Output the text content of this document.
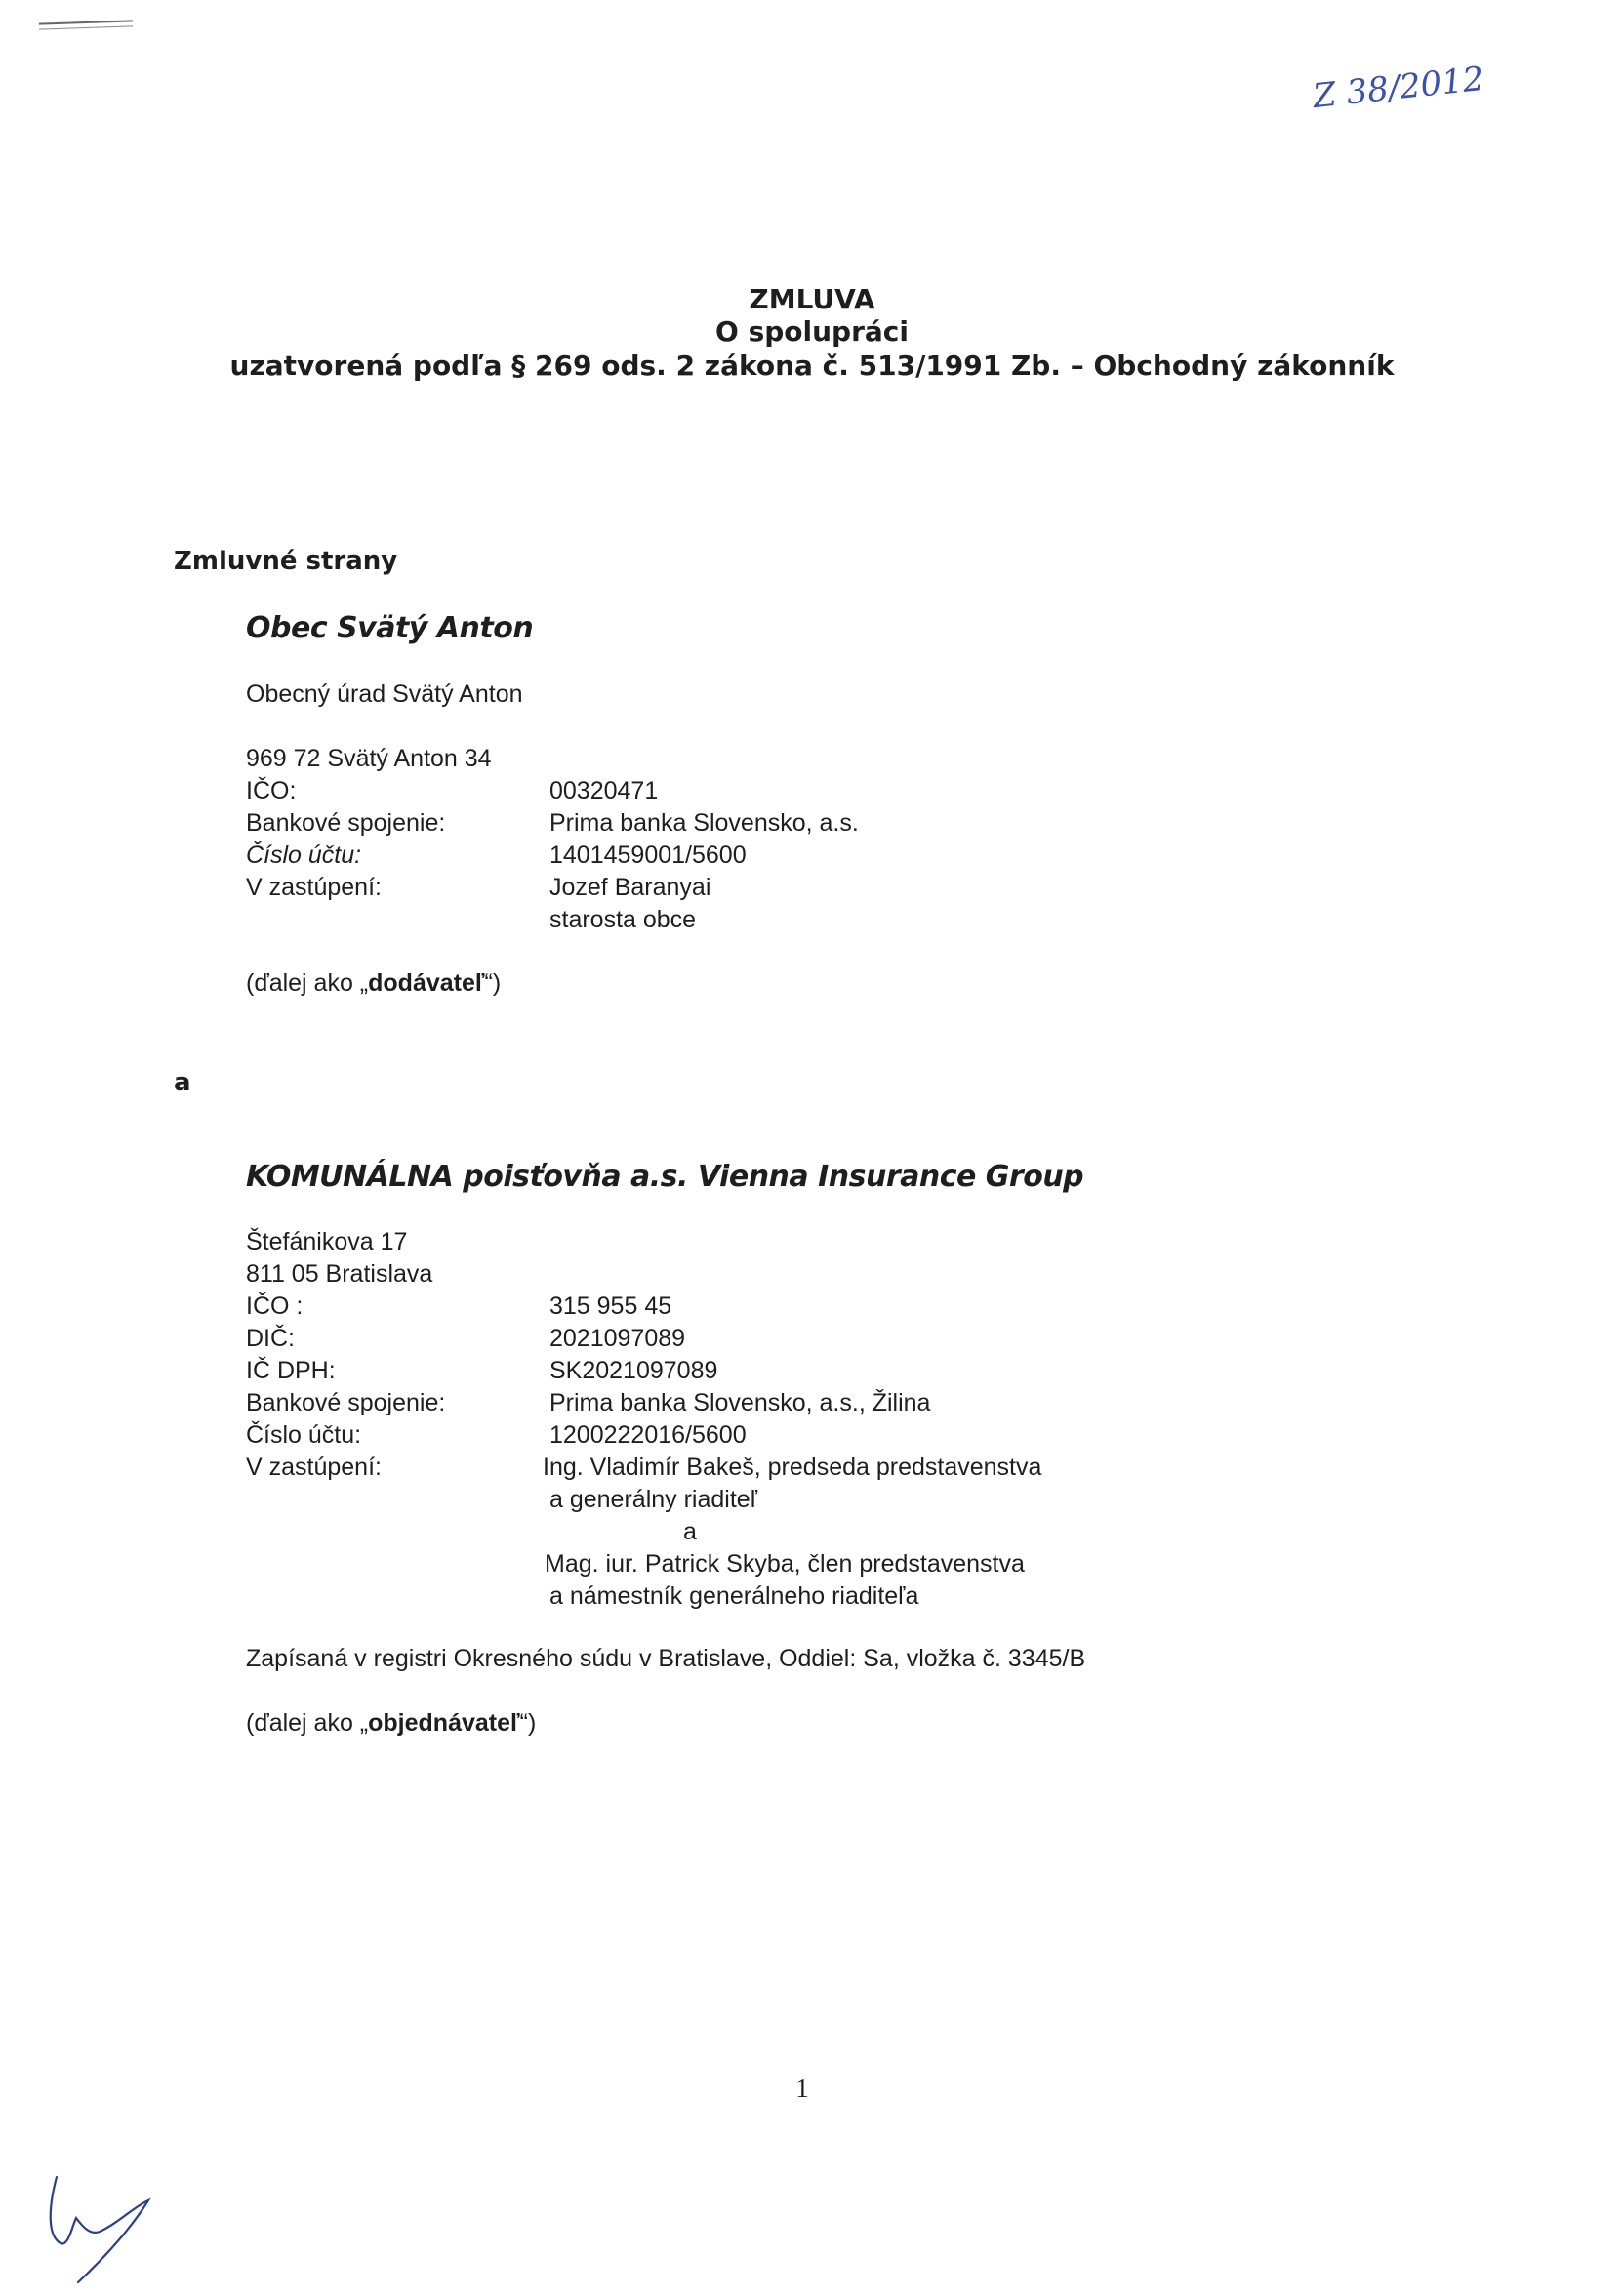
Z 38/2012
ZMLUVA
O spolupráci
uzatvorená podľa § 269 ods. 2 zákona č. 513/1991 Zb. – Obchodný zákonník
Zmluvné strany
Obec Svätý Anton
Obecný úrad Svätý Anton
969 72 Svätý Anton 34
IČO:	00320471
Bankové spojenie:	Prima banka Slovensko, a.s.
Číslo účtu:	1401459001/5600
V zastúpení:	Jozef Baranyai
starosta obce
(ďalej ako „dodávateľ“)
a
KOMUNÁLNA poisťovňa a.s. Vienna Insurance Group
Štefánikova 17
811 05 Bratislava
IČO :	315 955 45
DIČ:	2021097089
IČ DPH:	SK2021097089
Bankové spojenie:	Prima banka Slovensko, a.s., Žilina
Číslo účtu:	1200222016/5600
V zastúpení:	Ing. Vladimír Bakeš, predseda predstavenstva
a generálny riaditeľ
a
Mag. iur. Patrick Skyba, člen predstavenstva
a námestník generálneho riaditeľa
Zapísaná v registri Okresného súdu v Bratislave, Oddiel: Sa, vložka č. 3345/B
(ďalej ako „objednávateľ“)
1
